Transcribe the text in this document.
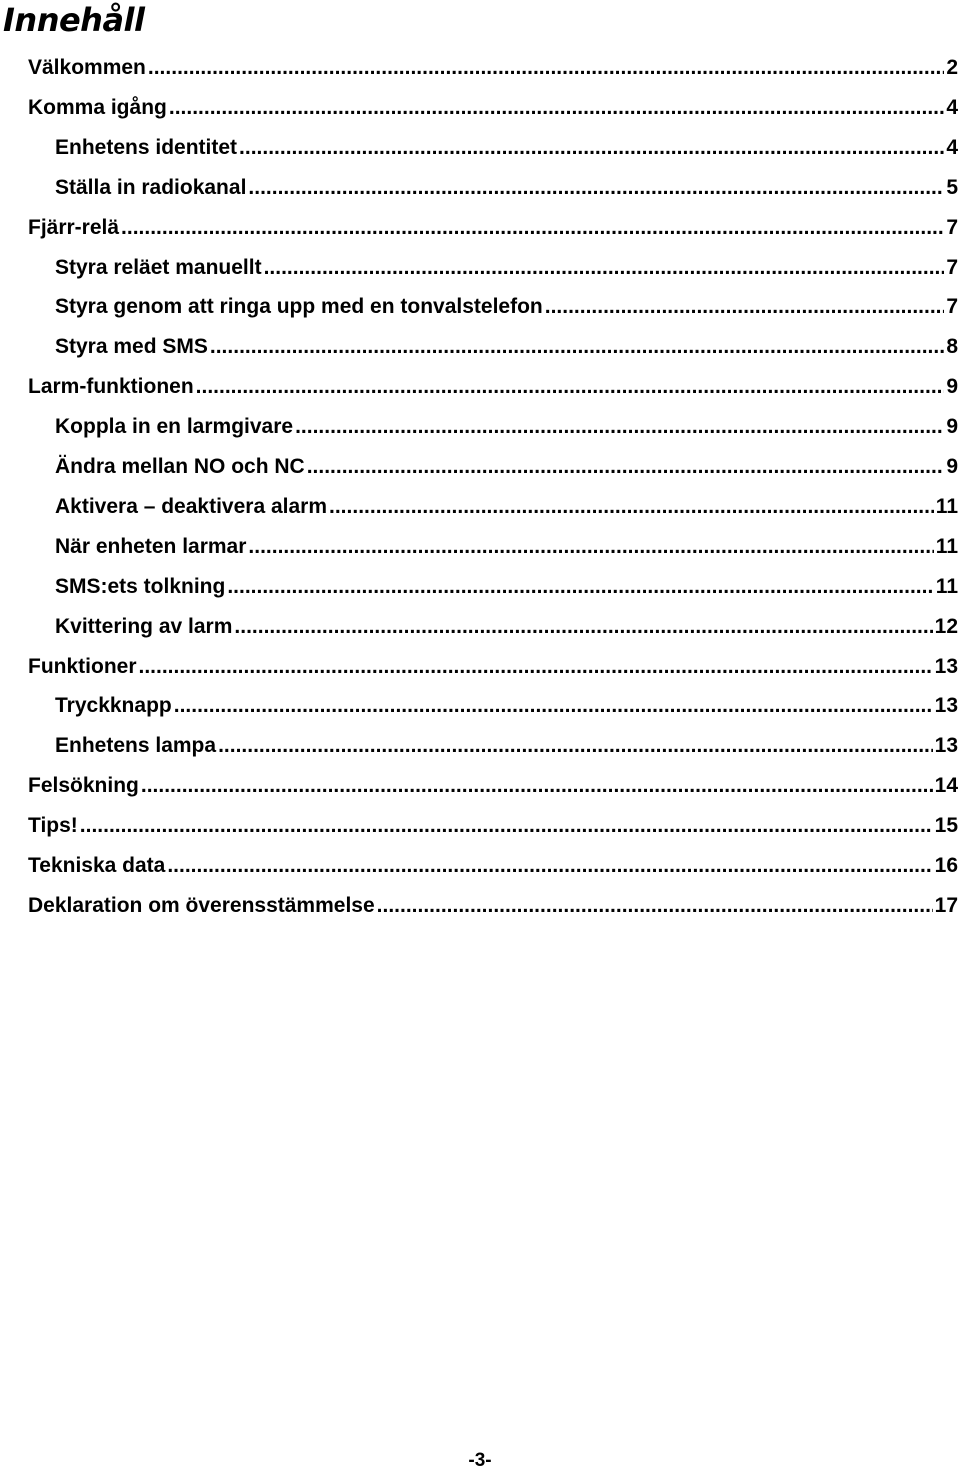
Innehåll
Välkommen .....	2
Komma igång .....	4
Enhetens identitet .....	4
Ställa in radiokanal .....	5
Fjärr-relä .....	7
Styra reläet manuellt .....	7
Styra genom att ringa upp med en tonvalstelefon .....	7
Styra med SMS .....	8
Larm-funktionen .....	9
Koppla in en larmgivare .....	9
Ändra mellan NO och NC .....	9
Aktivera – deaktivera alarm .....	11
När enheten larmar .....	11
SMS:ets tolkning .....	11
Kvittering av larm .....	12
Funktioner .....	13
Tryckknapp .....	13
Enhetens lampa .....	13
Felsökning .....	14
Tips! .....	15
Tekniska data .....	16
Deklaration om överensstämmelse .....	17
-3-
